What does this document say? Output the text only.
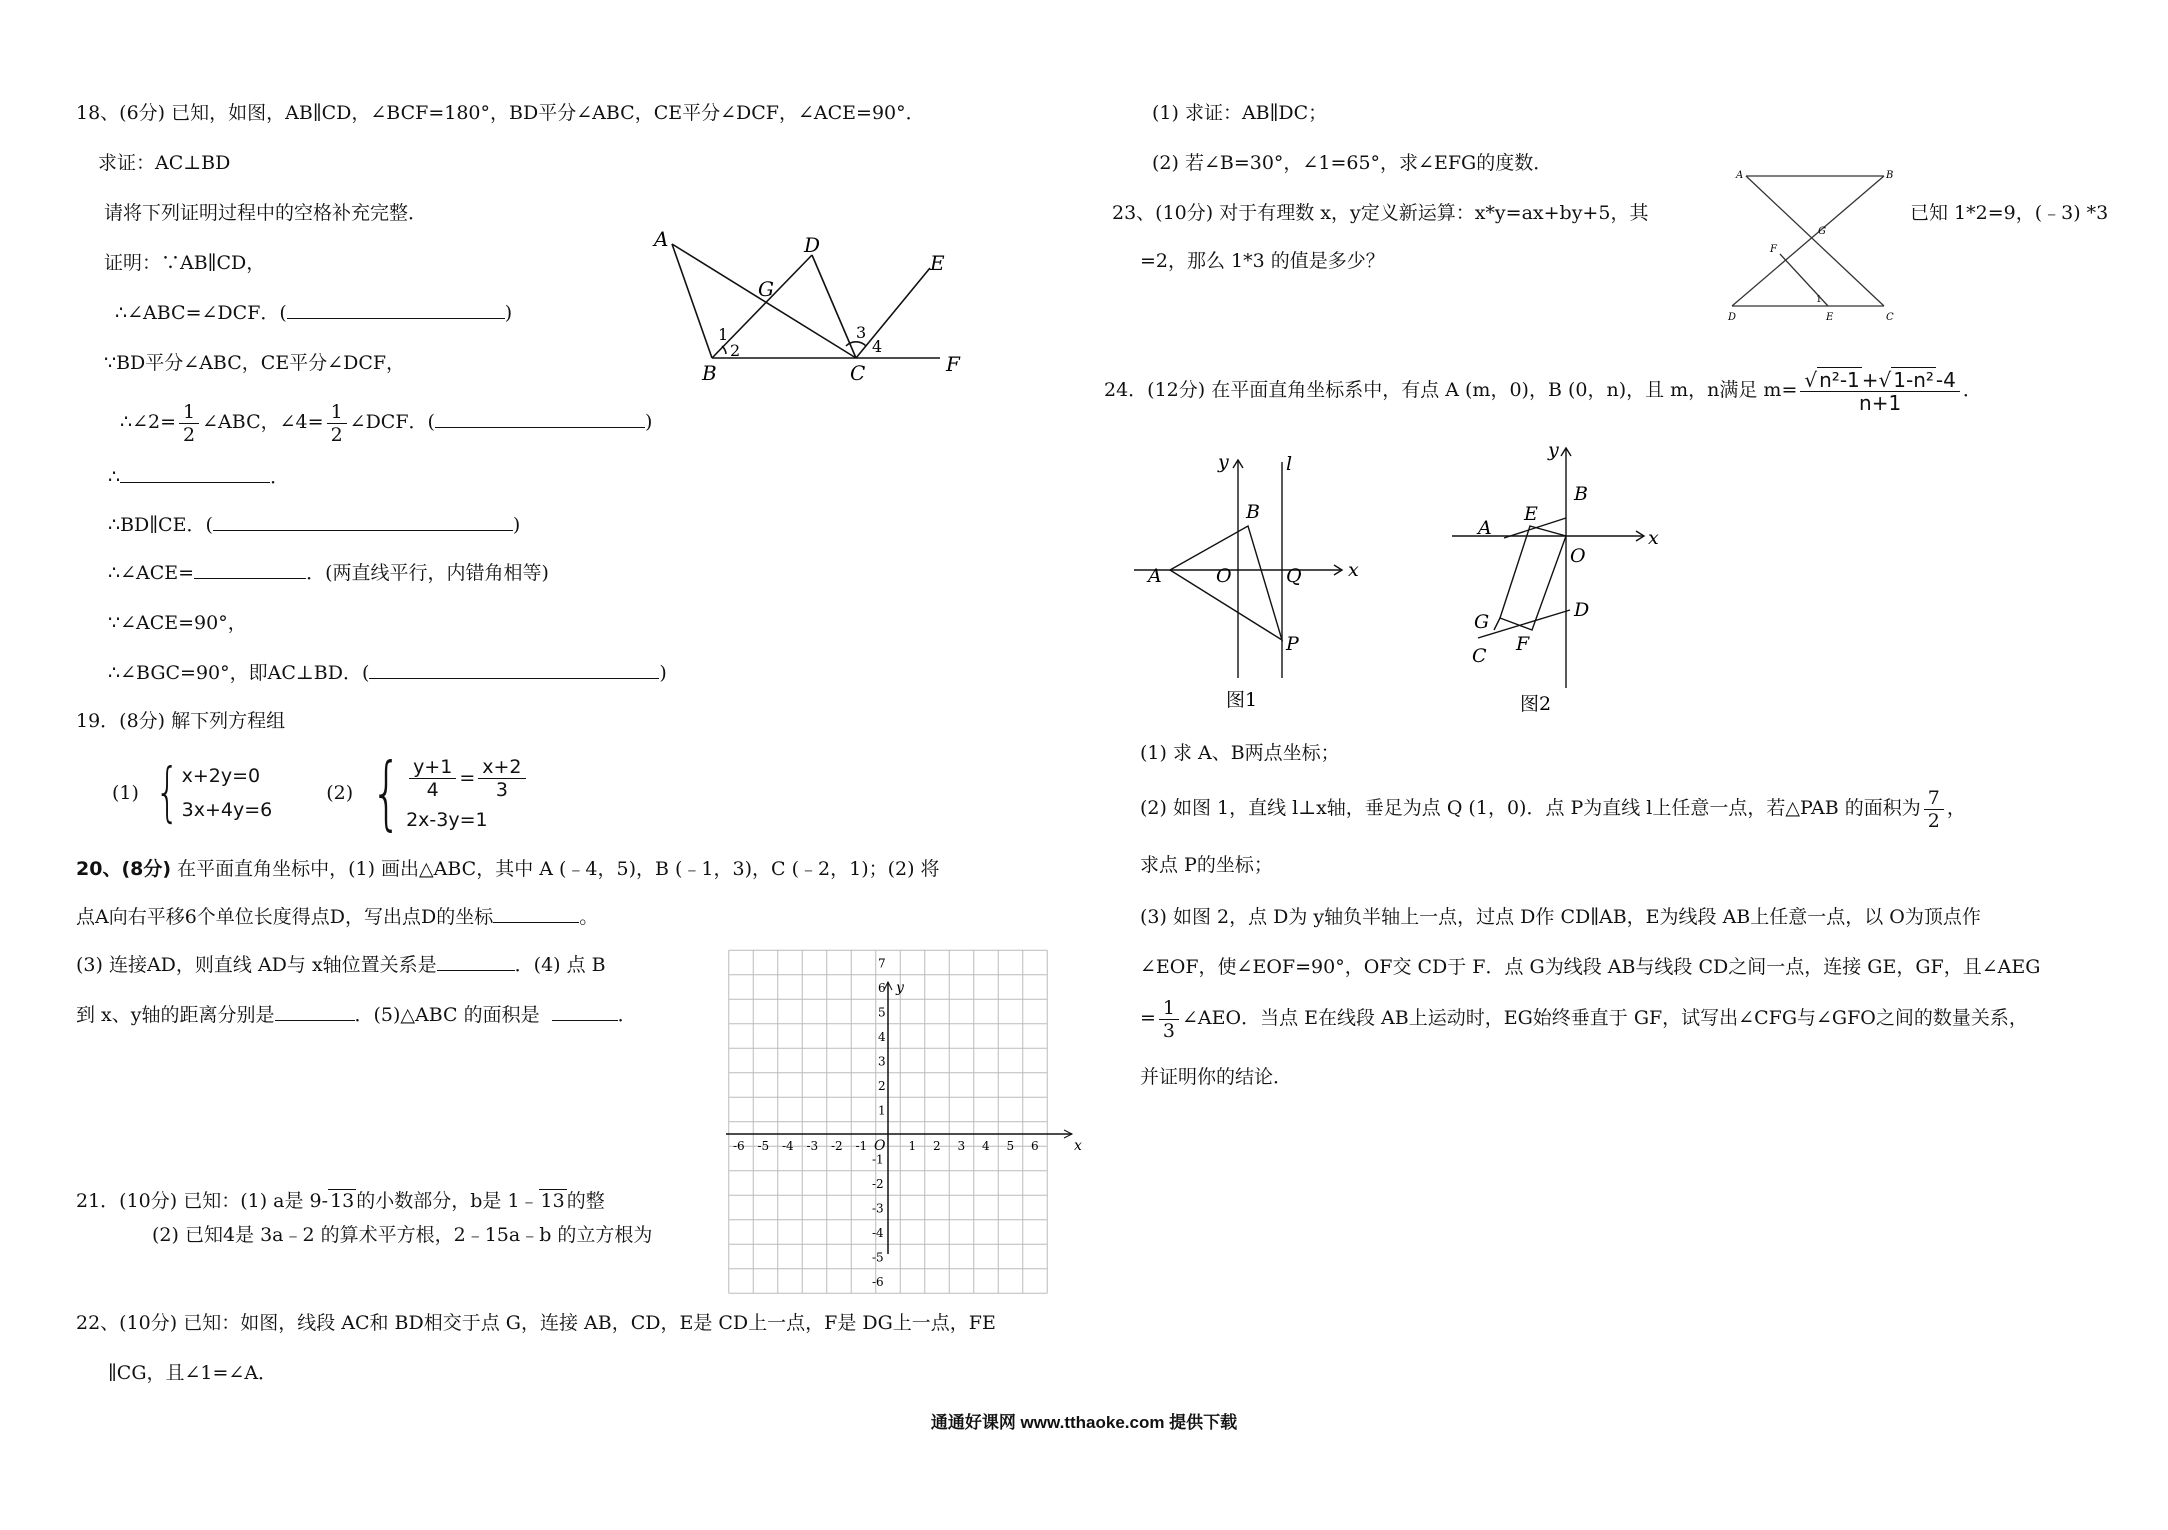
18、(6分) 已知，如图，AB∥CD，∠BCF=180°，BD平分∠ABC，CE平分∠DCF，∠ACE=90°．
求证：AC⊥BD
请将下列证明过程中的空格补充完整．
证明：∵AB∥CD，
∴∠ABC=∠DCF．(	)
∵BD平分∠ABC，CE平分∠DCF，
∴∠2= $\frac{1}{2}$ ∠ABC，∠4= $\frac{1}{2}$ ∠DCF．(	)
∴	．
∴BD∥CE．(	)
∴∠ACE=	．(两直线平行，内错角相等)
∵∠ACE=90°，
∴∠BGC=90°，即AC⊥BD．(	)
A
B	C
D
E
F
G
1
2
3
4
19．(8分) 解下列方程组
(1) { x+2y=0
3x+4y=6
(2) { $\frac{y+1}{4} = \frac{x+2}{3}$
2x-3y=1
20、(8分) 在平面直角坐标中，(1) 画出△ABC，其中 A (﹣4，5)，B (﹣1，3)，C (﹣2，1)；(2) 将
点A向右平移6个单位长度得点D，写出点D的坐标	。
(3) 连接AD，则直线 AD与 x轴位置关系是	．(4) 点 B
到 x、y轴的距离分别是	．(5)△ABC 的面积是	．
-6 -5 -4 -3 -2 -1	1 2 3 4 5 6
7
6
5
4
3
2
1
-1
-2
-3
-4
-5
-6
x
y
O
21．(10分) 已知：(1) a是 9- 13 的小数部分，b是 1﹣ 13 的整
(2) 已知4是 3a﹣2 的算术平方根，2﹣15a﹣b 的立方根为
22、(10分) 已知：如图，线段 AC和 BD相交于点 G，连接 AB，CD，E是 CD上一点，F是 DG上一点，FE
∥CG，且∠1=∠A．
(1) 求证：AB∥DC；
(2) 若∠B=30°，∠1=65°，求∠EFG的度数．
A	B
C
D	E
F
G
1
23、(10分) 对于有理数 x，y定义新运算：x*y=ax+by+5，其	已知 1*2=9，(﹣3) *3
=2，那么 1*3 的值是多少？
24．(12分) 在平面直角坐标系中，有点 A (m，0)，B (0，n)，且 m，n满足 $m= \frac{\text{√ n²-1 +√ 1-n² -4}}{n+1}$ ．
x
y	l
A
B
O	Q
P
图1
x
y
A
B
E
O
D
G
C
F
图2
(1) 求 A、B两点坐标；
(2) 如图 1，直线 l⊥x轴，垂足为点 Q (1，0)．点 P为直线 l上任意一点，若△PAB 的面积为 $\frac{7}{2}$ ，
求点 P的坐标；
(3) 如图 2，点 D为 y轴负半轴上一点，过点 D作 CD∥AB，E为线段 AB上任意一点，以 O为顶点作
∠EOF，使∠EOF=90°，OF交 CD于 F．点 G为线段 AB与线段 CD之间一点，连接 GE，GF，且∠AEG
= $\frac{1}{3}$ ∠AEO．当点 E在线段 AB上运动时，EG始终垂直于 GF，试写出∠CFG与∠GFO之间的数量关系，
并证明你的结论．
通通好课网 www.tthaoke.com 提供下载
